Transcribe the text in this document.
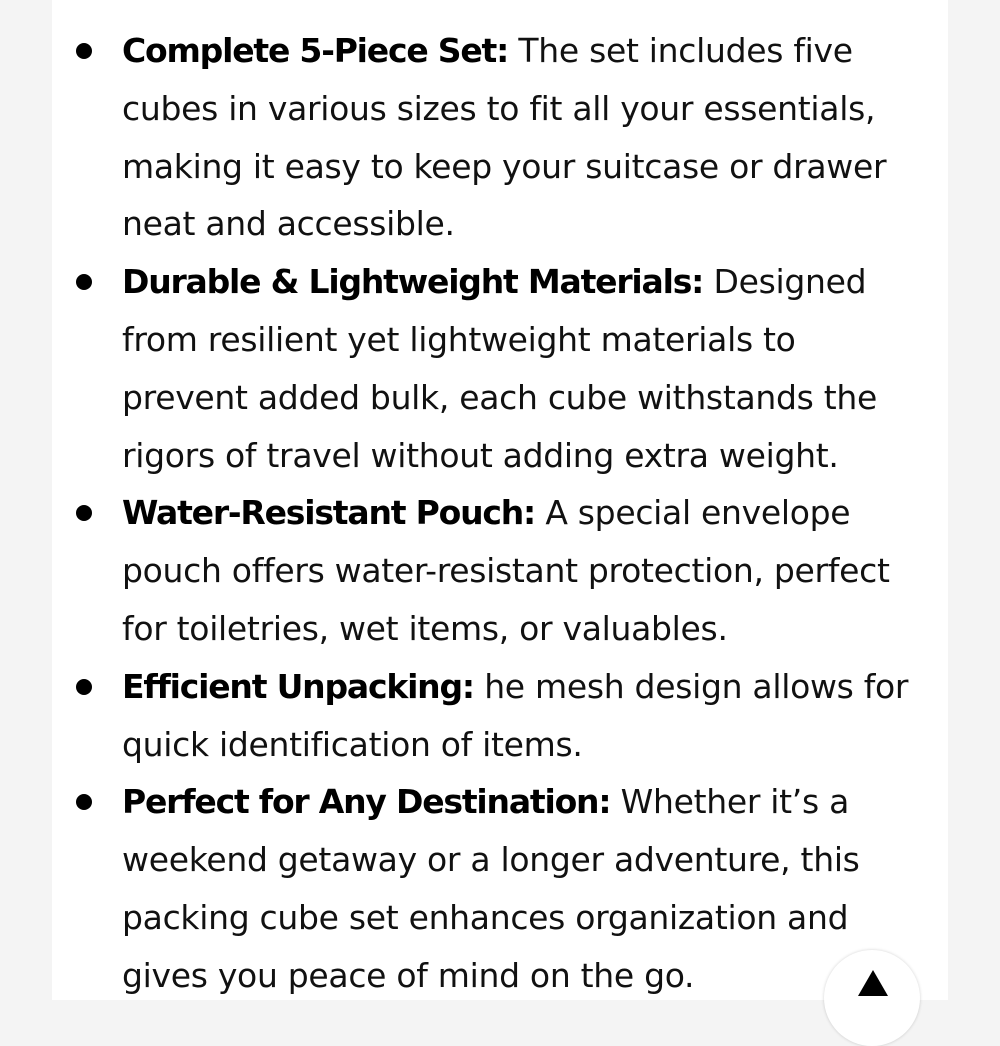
Complete 5-Piece Set: The set includes five cubes in various sizes to fit all your essentials, making it easy to keep your suitcase or drawer neat and accessible.
Durable & Lightweight Materials: Designed from resilient yet lightweight materials to prevent added bulk, each cube withstands the rigors of travel without adding extra weight.
Water-Resistant Pouch: A special envelope pouch offers water-resistant protection, perfect for toiletries, wet items, or valuables.
Efficient Unpacking: he mesh design allows for quick identification of items.
Perfect for Any Destination: Whether it’s a weekend getaway or a longer adventure, this packing cube set enhances organization and gives you peace of mind on the go.
